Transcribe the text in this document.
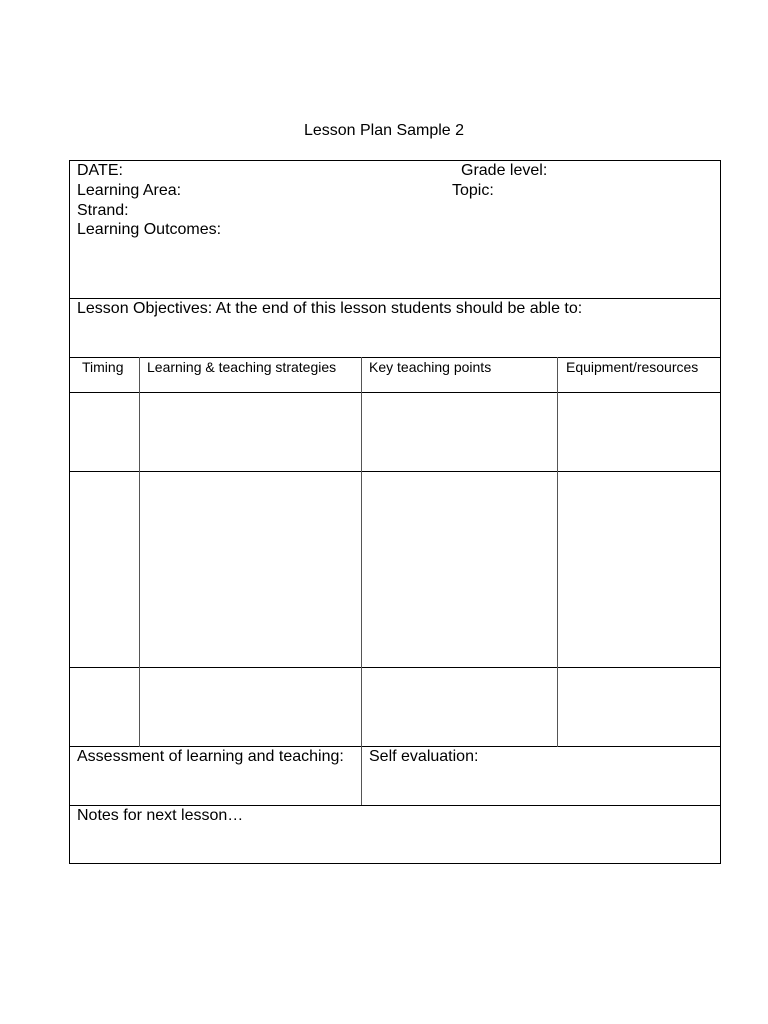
Lesson Plan Sample 2
DATE:	Grade level:
Learning Area:	Topic:
Strand:
Learning Outcomes:
Lesson Objectives: At the end of this lesson students should be able to:
Timing	Learning & teaching strategies	Key teaching points	Equipment/resources
Assessment of learning and teaching: Self evaluation:
Notes for next lesson…
